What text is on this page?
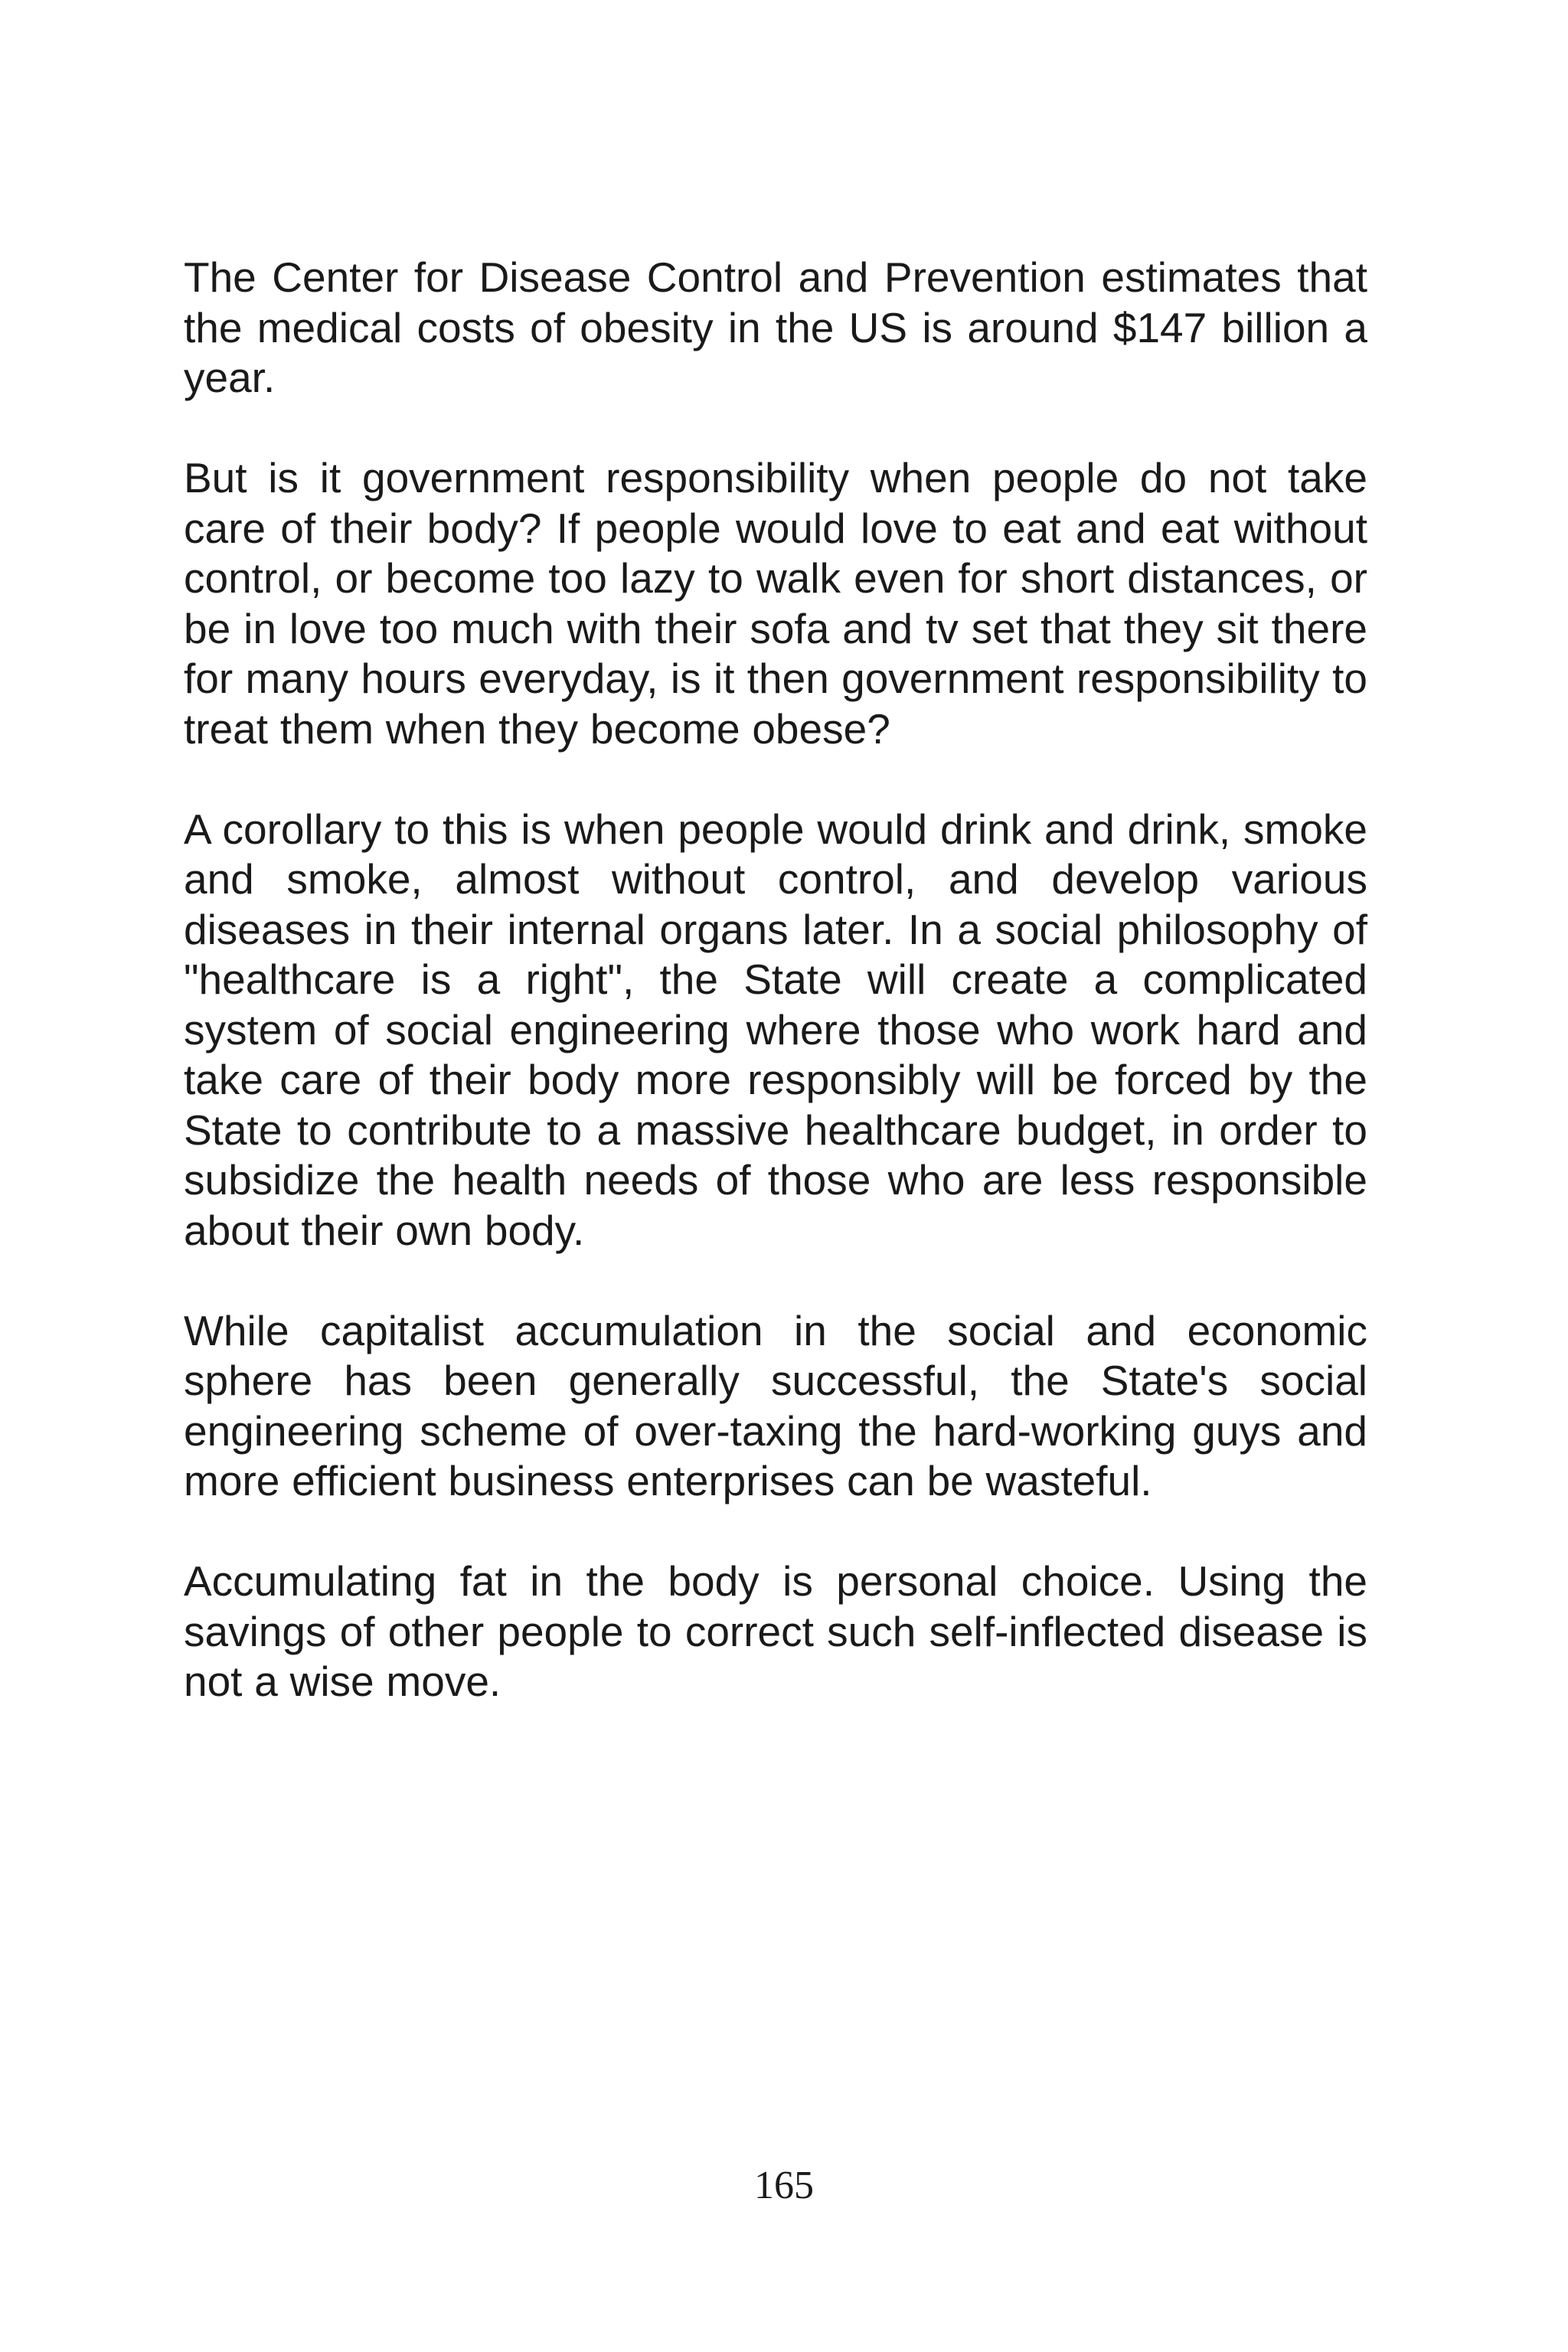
The Center for Disease Control and Prevention estimates that the medical costs of obesity in the US is around $147 billion a year.

But is it government responsibility when people do not take care of their body? If people would love to eat and eat without control, or become too lazy to walk even for short distances, or be in love too much with their sofa and tv set that they sit there for many hours everyday, is it then government responsibility to treat them when they become obese?

A corollary to this is when people would drink and drink, smoke and smoke, almost without control, and develop various diseases in their internal organs later. In a social philosophy of "healthcare is a right", the State will create a complicated system of social engineering where those who work hard and take care of their body more responsibly will be forced by the State to contribute to a massive healthcare budget, in order to subsidize the health needs of those who are less responsible about their own body.

While capitalist accumulation in the social and economic sphere has been generally successful, the State's social engineering scheme of over-taxing the hard-working guys and more efficient business enterprises can be wasteful.

Accumulating fat in the body is personal choice. Using the savings of other people to correct such self-inflected disease is not a wise move.

165
